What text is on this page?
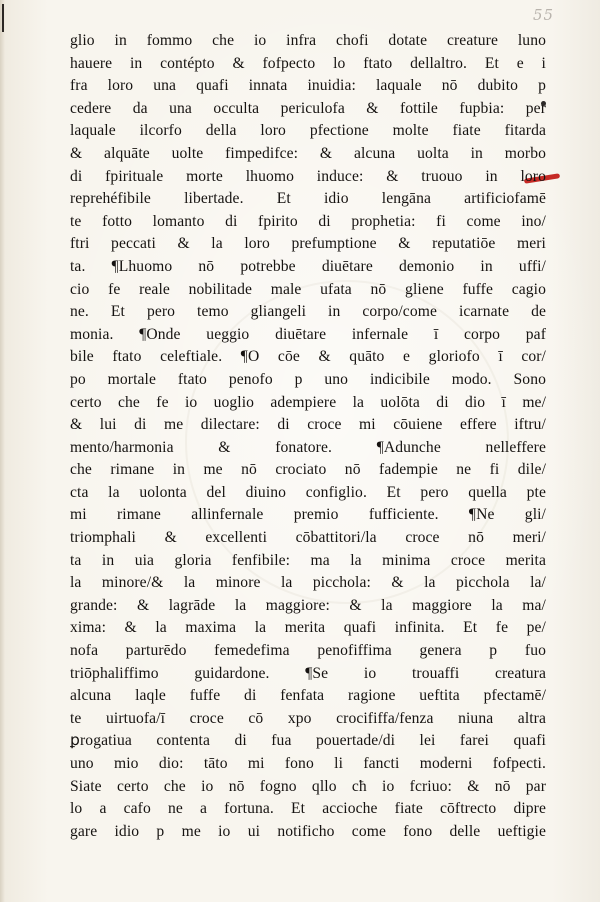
55
glio in fommo che io infra chofi dotate creature luno
hauere in contépto & fofpecto lo ftato dellaltro. Et e i
fra loro una quafi innata inuidia: laquale nō dubito p
cedere da una occulta periculofa & fottile fupbia: per
laquale ilcorfo della loro pfectione molte fiate fitarda
& alquāte uolte fimpedifce: & alcuna uolta in morbo
di fpirituale morte lhuomo induce: & truouo in loro
reprehéfibile libertade. Et idio lengāna artificiofamē
te fotto lomanto di fpirito di prophetia: fi come ino/
ftri peccati & la loro prefumptione & reputatiōe meri
ta. ¶Lhuomo nō potrebbe diuētare demonio in uffi/
cio fe reale nobilitade male ufata nō gliene fuffe cagio
ne. Et pero temo gliangeli in corpo/come icarnate de
monia. ¶Onde ueggio diuētare infernale ī corpo paf
bile ftato celeftiale. ¶O cōe & quāto e gloriofo ī cor/
po mortale ftato penofo p uno indicibile modo. Sono
certo che fe io uoglio adempiere la uolōta di dio ī me/
& lui di me dilectare: di croce mi cōuiene effere iftru/
mento/harmonia & fonatore. ¶Adunche nelleffere
che rimane in me nō crociato nō fadempie ne fi dile/
cta la uolonta del diuino configlio. Et pero quella pte
mi rimane allinfernale premio fufficiente. ¶Ne gli/
triomphali & excellenti cōbattitori/la croce nō meri/
ta in uia gloria fenfibile: ma la minima croce merita
la minore/& la minore la picchola: & la picchola la/
grande: & lagrāde la maggiore: & la maggiore la ma/
xima: & la maxima la merita quafi infinita. Et fe pe/
nofa parturēdo femedefima penofiffima genera p fuo
triōphaliffimo guidardone. ¶Se io trouaffi creatura
alcuna laqle fuffe di fenfata ragione ueftita pfectamē/
te uirtuofa/ī croce cō xpo crocififfa/fenza niuna altra
ꝑrogatiua contenta di fua pouertade/di lei farei quafi
uno mio dio: tāto mi fono li fancti moderni fofpecti.
Siate certo che io nō fogno qllo cħ io fcriuo: & nō par
lo a cafo ne a fortuna. Et accioche fiate cōftrecto dipre
gare idio p me io ui notificho come fono delle ueftigie
